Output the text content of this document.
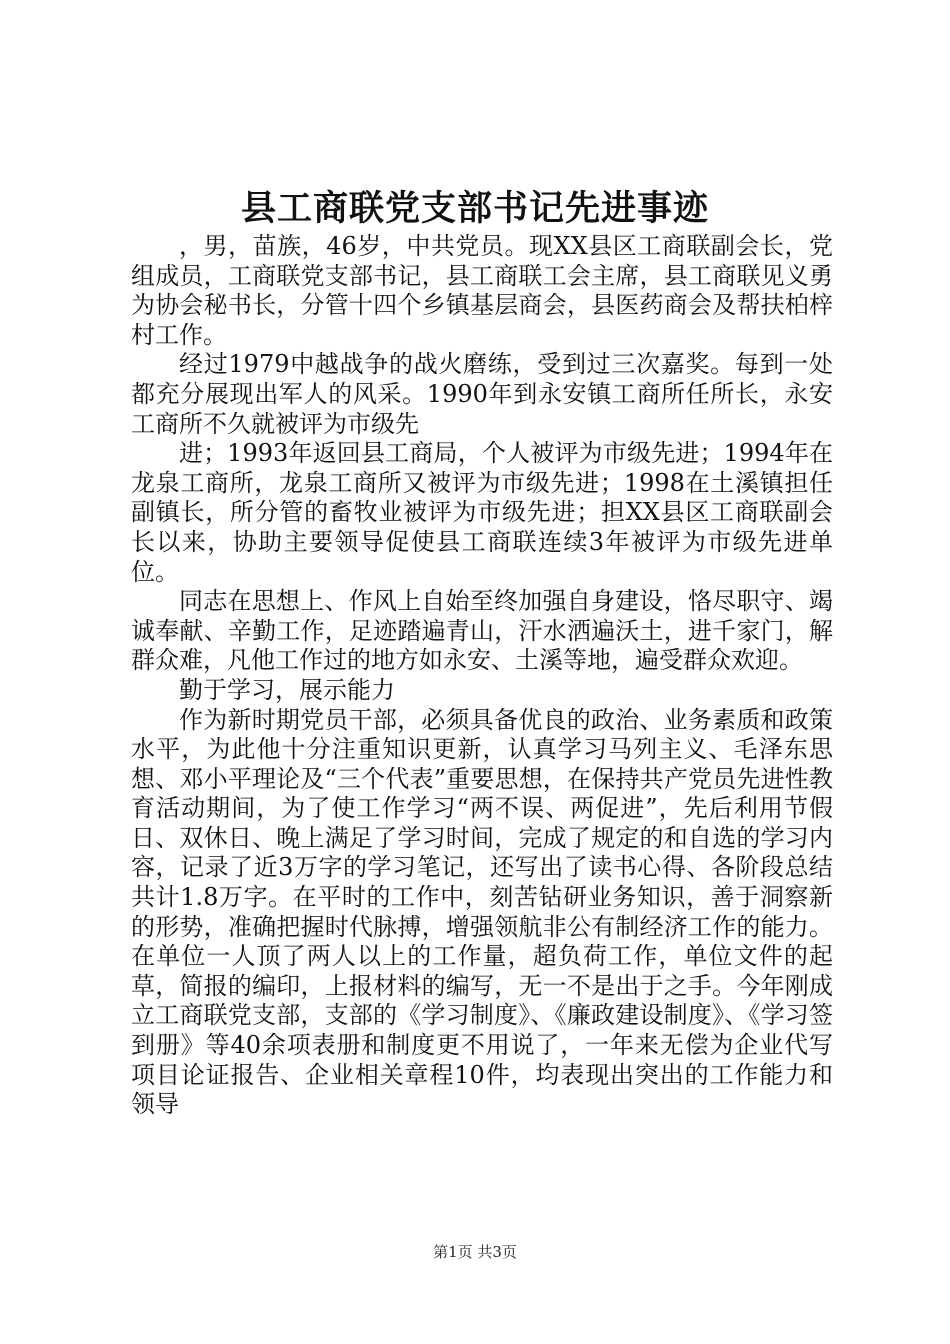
县工商联党支部书记先进事迹

，男，苗族，46岁，中共党员。现XX县区工商联副会长，党组成员，工商联党支部书记，县工商联工会主席，县工商联见义勇为协会秘书长，分管十四个乡镇基层商会，县医药商会及帮扶柏梓村工作。

经过1979中越战争的战火磨练，受到过三次嘉奖。每到一处都充分展现出军人的风采。1990年到永安镇工商所任所长，永安工商所不久就被评为市级先

进；1993年返回县工商局，个人被评为市级先进；1994年在龙泉工商所，龙泉工商所又被评为市级先进；1998在土溪镇担任副镇长，所分管的畜牧业被评为市级先进；担XX县区工商联副会长以来，协助主要领导促使县工商联连续3年被评为市级先进单位。

同志在思想上、作风上自始至终加强自身建设，恪尽职守、竭诚奉献、辛勤工作，足迹踏遍青山，汗水洒遍沃土，进千家门，解群众难，凡他工作过的地方如永安、土溪等地，遍受群众欢迎。

勤于学习，展示能力

作为新时期党员干部，必须具备优良的政治、业务素质和政策水平，为此他十分注重知识更新，认真学习马列主义、毛泽东思想、邓小平理论及“三个代表”重要思想，在保持共产党员先进性教育活动期间，为了使工作学习“两不误、两促进”，先后利用节假日、双休日、晚上满足了学习时间，完成了规定的和自选的学习内容，记录了近3万字的学习笔记，还写出了读书心得、各阶段总结共计1.8万字。在平时的工作中，刻苦钻研业务知识，善于洞察新的形势，准确把握时代脉搏，增强领航非公有制经济工作的能力。在单位一人顶了两人以上的工作量，超负荷工作，单位文件的起草，简报的编印，上报材料的编写，无一不是出于之手。今年刚成立工商联党支部，支部的《学习制度》、《廉政建设制度》、《学习签到册》等40余项表册和制度更不用说了，一年来无偿为企业代写项目论证报告、企业相关章程10件，均表现出突出的工作能力和领导

第1页 共3页
